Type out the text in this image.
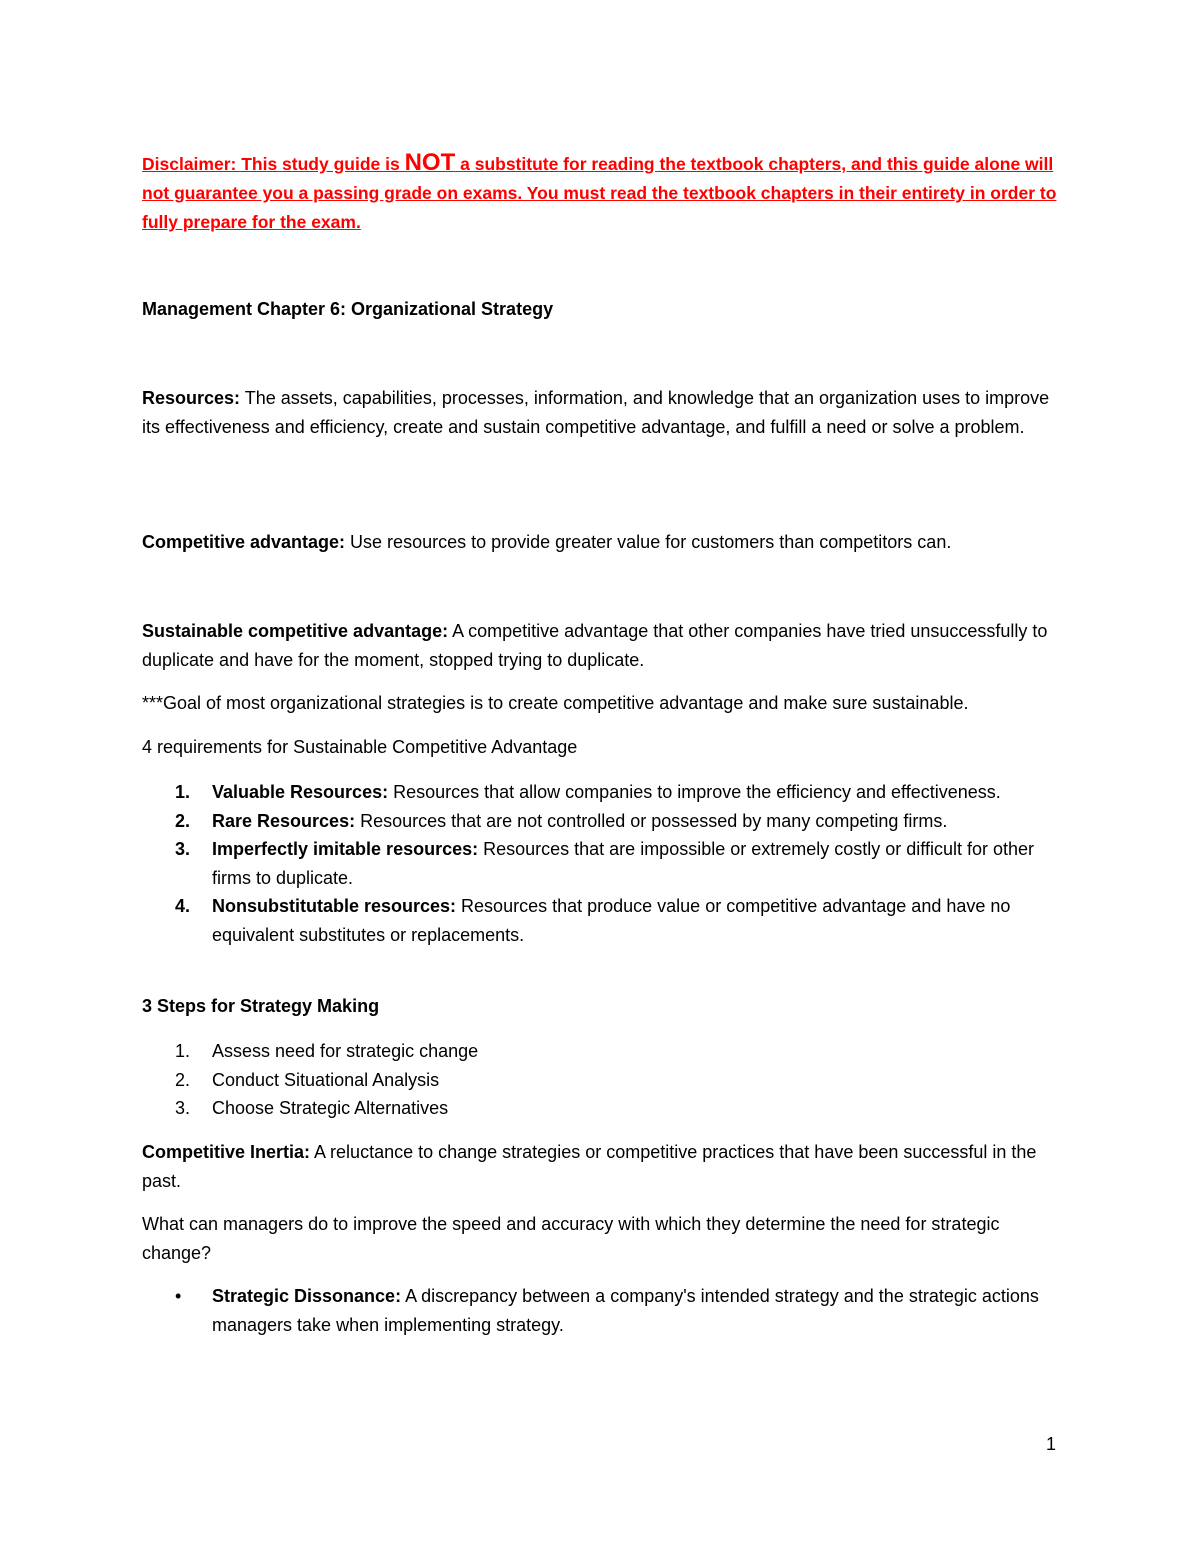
Disclaimer: This study guide is NOT a substitute for reading the textbook chapters, and this guide alone will not guarantee you a passing grade on exams. You must read the textbook chapters in their entirety in order to fully prepare for the exam.

Management Chapter 6: Organizational Strategy

Resources: The assets, capabilities, processes, information, and knowledge that an organization uses to improve its effectiveness and efficiency, create and sustain competitive advantage, and fulfill a need or solve a problem.

Competitive advantage: Use resources to provide greater value for customers than competitors can.

Sustainable competitive advantage: A competitive advantage that other companies have tried unsuccessfully to duplicate and have for the moment, stopped trying to duplicate.

***Goal of most organizational strategies is to create competitive advantage and make sure sustainable.

4 requirements for Sustainable Competitive Advantage

1.	Valuable Resources: Resources that allow companies to improve the efficiency and effectiveness.
2.	Rare Resources: Resources that are not controlled or possessed by many competing firms.
3.	Imperfectly imitable resources: Resources that are impossible or extremely costly or difficult for other firms to duplicate.
4.	Nonsubstitutable resources: Resources that produce value or competitive advantage and have no equivalent substitutes or replacements.

3 Steps for Strategy Making

1.	Assess need for strategic change
2.	Conduct Situational Analysis
3.	Choose Strategic Alternatives

Competitive Inertia: A reluctance to change strategies or competitive practices that have been successful in the past.

What can managers do to improve the speed and accuracy with which they determine the need for strategic change?

• Strategic Dissonance: A discrepancy between a company's intended strategy and the strategic actions managers take when implementing strategy.

1
